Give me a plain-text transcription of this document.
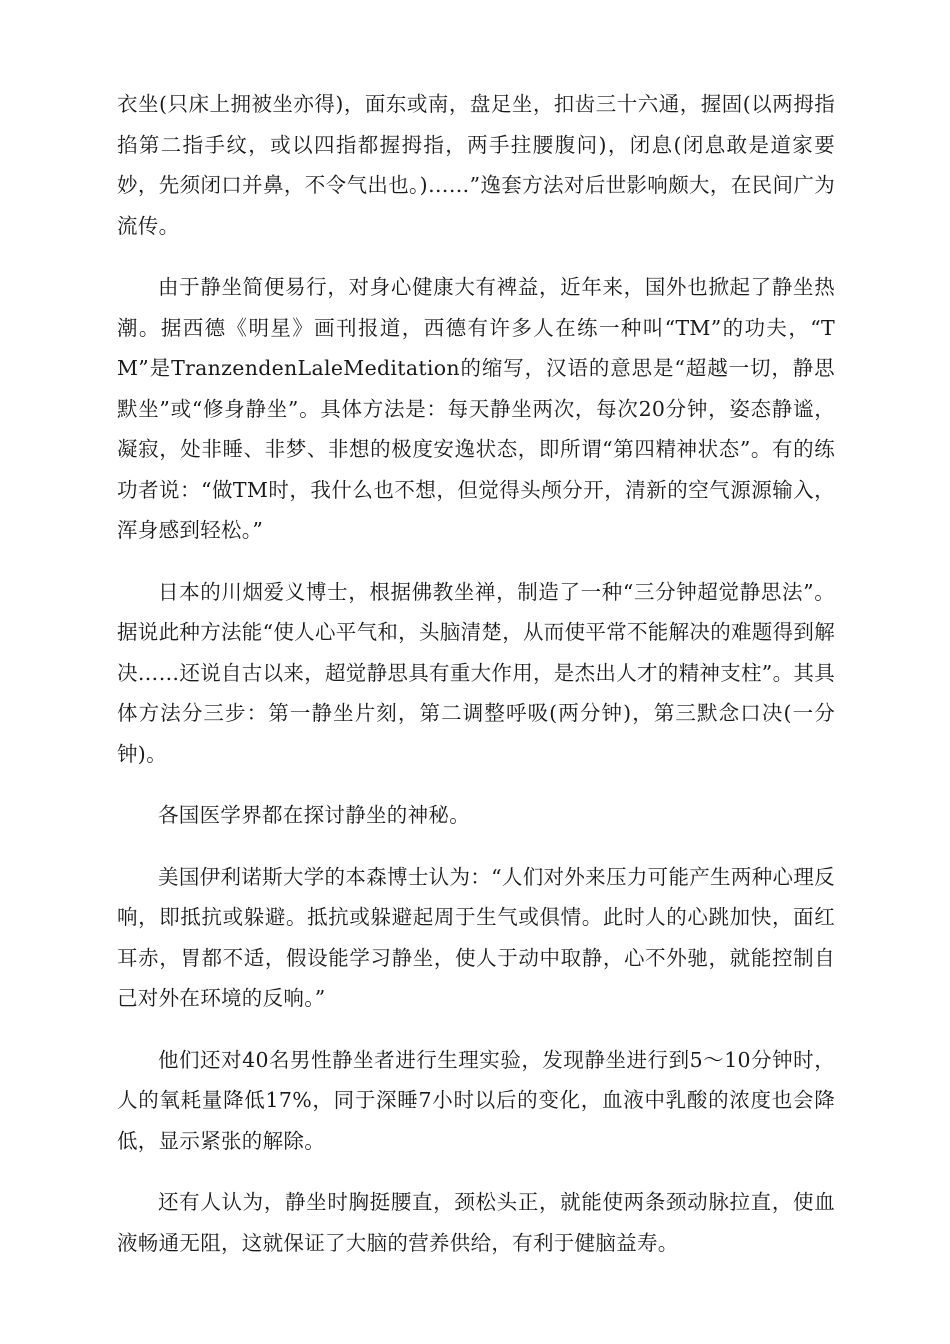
衣坐(只床上拥被坐亦得)，面东或南，盘足坐，扣齿三十六通，握固(以两拇指掐第二指手纹，或以四指都握拇指，两手拄腰腹问)，闭息(闭息敢是道家要妙，先须闭口并鼻，不令气出也。)……”逸套方法对后世影响颇大，在民间广为流传。

由于静坐简便易行，对身心健康大有裨益，近年来，国外也掀起了静坐热潮。据西德《明星》画刊报道，西德有许多人在练一种叫“TM”的功夫，“TM”是TranzendenLaleMeditation的缩写，汉语的意思是“超越一切，静思默坐”或“修身静坐”。具体方法是：每天静坐两次，每次20分钟，姿态静谧，凝寂，处非睡、非梦、非想的极度安逸状态，即所谓“第四精神状态”。有的练功者说：“做TM时，我什么也不想，但觉得头颅分开，清新的空气源源输入，浑身感到轻松。”

日本的川烟爱义博士，根据佛教坐禅，制造了一种“三分钟超觉静思法”。据说此种方法能“使人心平气和，头脑清楚，从而使平常不能解决的难题得到解决……还说自古以来，超觉静思具有重大作用，是杰出人才的精神支柱”。其具体方法分三步：第一静坐片刻，第二调整呼吸(两分钟)，第三默念口决(一分钟)。

各国医学界都在探讨静坐的神秘。

美国伊利诺斯大学的本森博士认为：“人们对外来压力可能产生两种心理反响，即抵抗或躲避。抵抗或躲避起周于生气或俱情。此时人的心跳加快，面红耳赤，胃都不适，假设能学习静坐，使人于动中取静，心不外驰，就能控制自己对外在环境的反响。”

他们还对40名男性静坐者进行生理实验，发现静坐进行到5～10分钟时，人的氧耗量降低17%，同于深睡7小时以后的变化，血液中乳酸的浓度也会降低，显示紧张的解除。

还有人认为，静坐时胸挺腰直，颈松头正，就能使两条颈动脉拉直，使血液畅通无阻，这就保证了大脑的营养供给，有利于健脑益寿。
